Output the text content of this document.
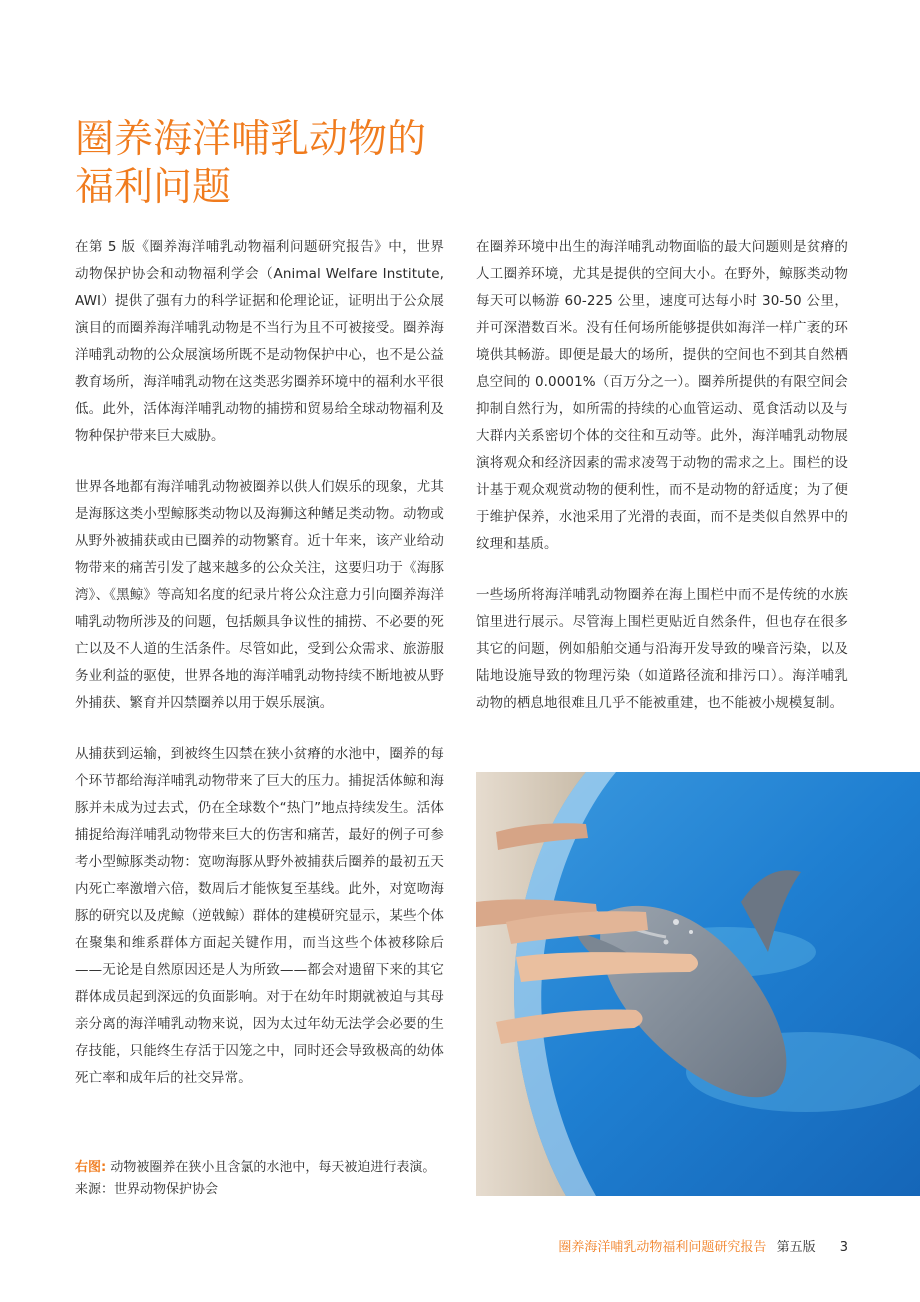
圈养海洋哺乳动物的
福利问题

在第 5 版《圈养海洋哺乳动物福利问题研究报告》中，世界动物保护协会和动物福利学会（Animal Welfare Institute, AWI）提供了强有力的科学证据和伦理论证，证明出于公众展演目的而圈养海洋哺乳动物是不当行为且不可被接受。圈养海洋哺乳动物的公众展演场所既不是动物保护中心，也不是公益教育场所，海洋哺乳动物在这类恶劣圈养环境中的福利水平很低。此外，活体海洋哺乳动物的捕捞和贸易给全球动物福利及物种保护带来巨大威胁。

世界各地都有海洋哺乳动物被圈养以供人们娱乐的现象，尤其是海豚这类小型鲸豚类动物以及海狮这种鳍足类动物。动物或从野外被捕获或由已圈养的动物繁育。近十年来，该产业给动物带来的痛苦引发了越来越多的公众关注，这要归功于《海豚湾》、《黑鲸》等高知名度的纪录片将公众注意力引向圈养海洋哺乳动物所涉及的问题，包括颇具争议性的捕捞、不必要的死亡以及不人道的生活条件。尽管如此，受到公众需求、旅游服务业利益的驱使，世界各地的海洋哺乳动物持续不断地被从野外捕获、繁育并囚禁圈养以用于娱乐展演。

从捕获到运输，到被终生囚禁在狭小贫瘠的水池中，圈养的每个环节都给海洋哺乳动物带来了巨大的压力。捕捉活体鲸和海豚并未成为过去式，仍在全球数个“热门”地点持续发生。活体捕捉给海洋哺乳动物带来巨大的伤害和痛苦，最好的例子可参考小型鲸豚类动物：宽吻海豚从野外被捕获后圈养的最初五天内死亡率激增六倍，数周后才能恢复至基线。此外，对宽吻海豚的研究以及虎鲸（逆戟鲸）群体的建模研究显示，某些个体在聚集和维系群体方面起关键作用，而当这些个体被移除后——无论是自然原因还是人为所致——都会对遗留下来的其它群体成员起到深远的负面影响。对于在幼年时期就被迫与其母亲分离的海洋哺乳动物来说，因为太过年幼无法学会必要的生存技能，只能终生存活于囚笼之中，同时还会导致极高的幼体死亡率和成年后的社交异常。

在圈养环境中出生的海洋哺乳动物面临的最大问题则是贫瘠的人工圈养环境，尤其是提供的空间大小。在野外，鲸豚类动物每天可以畅游 60-225 公里，速度可达每小时 30-50 公里，并可深潜数百米。没有任何场所能够提供如海洋一样广袤的环境供其畅游。即便是最大的场所，提供的空间也不到其自然栖息空间的 0.0001%（百万分之一）。圈养所提供的有限空间会抑制自然行为，如所需的持续的心血管运动、觅食活动以及与大群内关系密切个体的交往和互动等。此外，海洋哺乳动物展演将观众和经济因素的需求凌驾于动物的需求之上。围栏的设计基于观众观赏动物的便利性，而不是动物的舒适度；为了便于维护保养，水池采用了光滑的表面，而不是类似自然界中的纹理和基质。

一些场所将海洋哺乳动物圈养在海上围栏中而不是传统的水族馆里进行展示。尽管海上围栏更贴近自然条件，但也存在很多其它的问题，例如船舶交通与沿海开发导致的噪音污染，以及陆地设施导致的物理污染（如道路径流和排污口）。海洋哺乳动物的栖息地很难且几乎不能被重建，也不能被小规模复制。

右图: 动物被圈养在狭小且含氯的水池中，每天被迫进行表演。来源：世界动物保护协会
圈养海洋哺乳动物福利问题研究报告 第五版 3
